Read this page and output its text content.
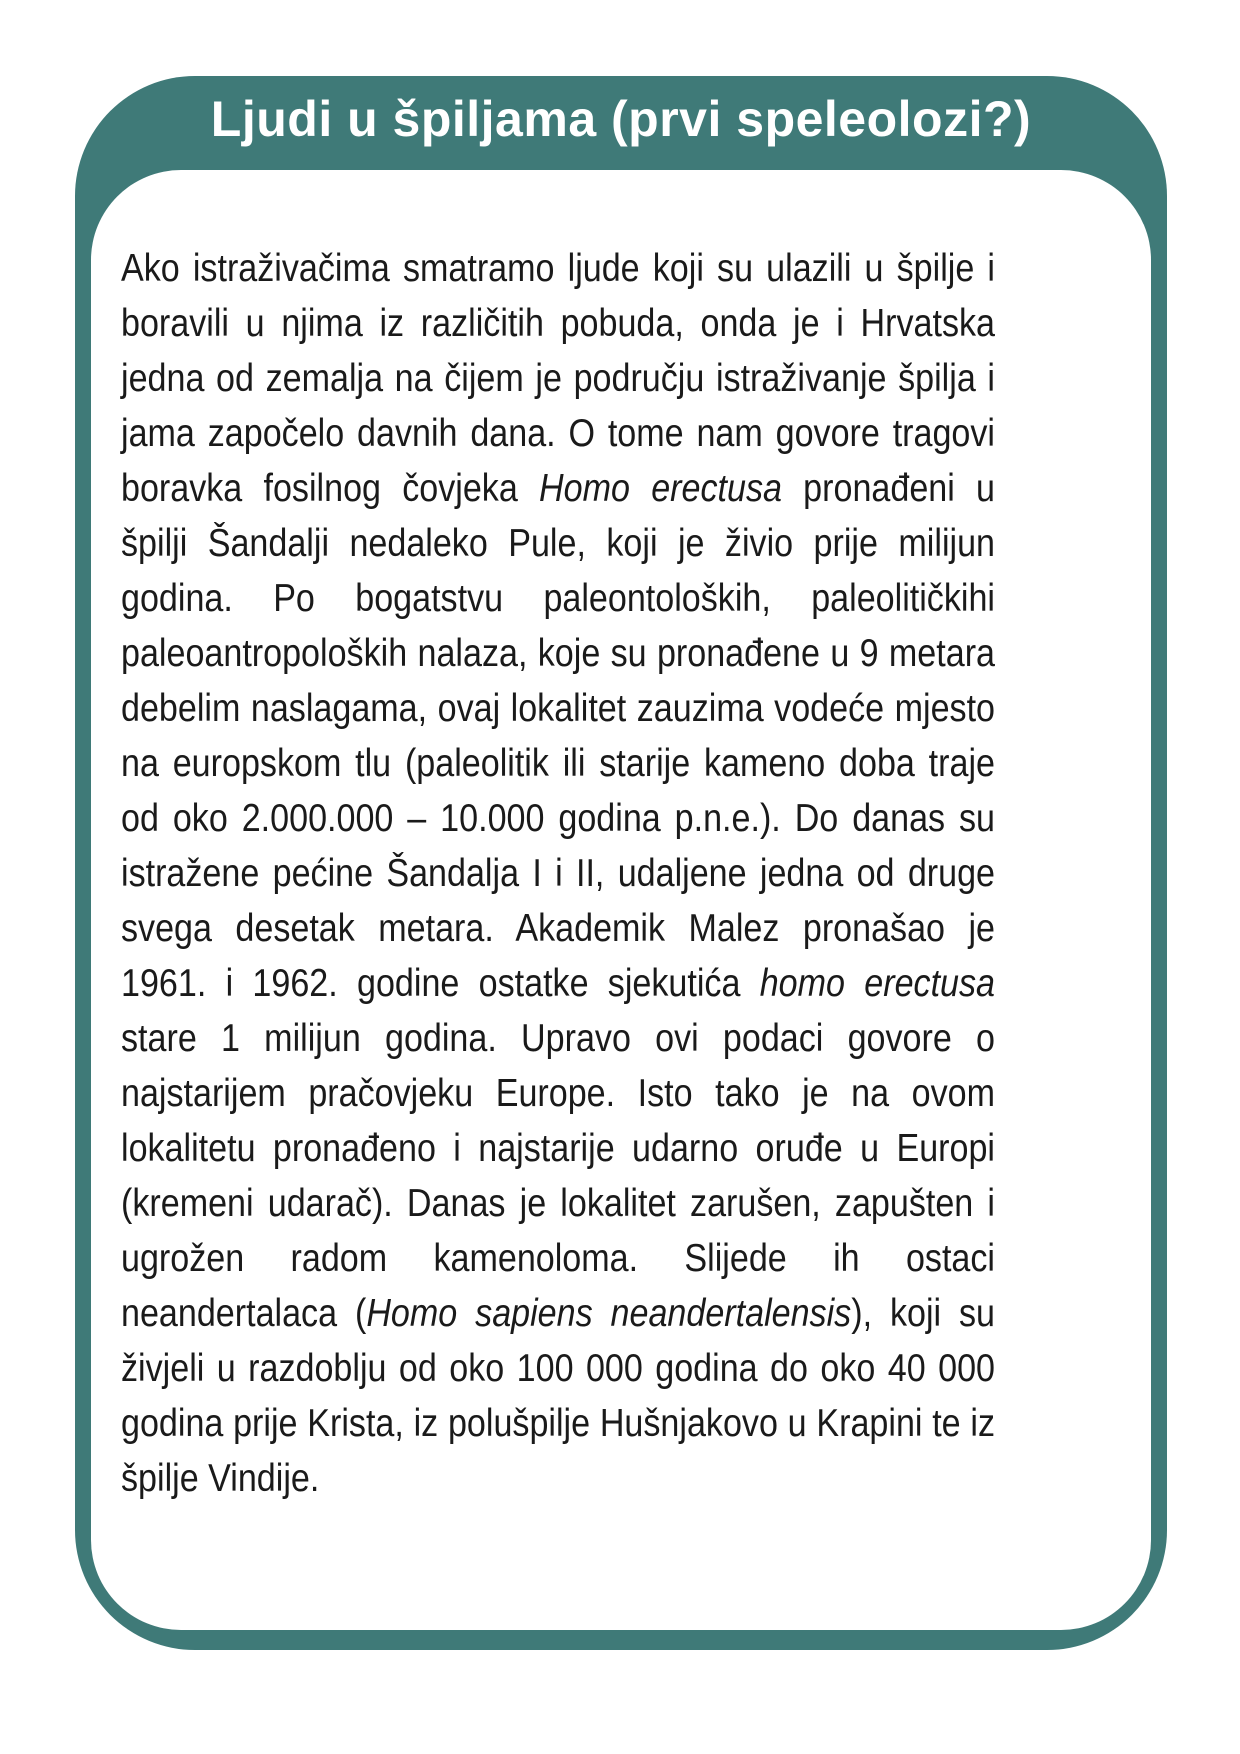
Ljudi u špiljama (prvi speleolozi?)

Ako istraživačima smatramo ljude koji su ulazili u špilje i boravili u njima iz različitih pobuda, onda je i Hrvatska jedna od zemalja na čijem je području istraživanje špilja i jama započelo davnih dana. O tome nam govore tragovi boravka fosilnog čovjeka Homo erectusa pronađeni u špilji Šandalji nedaleko Pule, koji je živio prije milijun godina. Po bogatstvu paleontoloških, paleolitičkihi paleoantropoloških nalaza, koje su pronađene u 9 metara debelim naslagama, ovaj lokalitet zauzima vodeće mjesto na europskom tlu (paleolitik ili starije kameno doba traje od oko 2.000.000 – 10.000 godina p.n.e.). Do danas su istražene pećine Šandalja I i II, udaljene jedna od druge svega desetak metara. Akademik Malez pronašao je 1961. i 1962. godine ostatke sjekutića homo erectusa stare 1 milijun godina. Upravo ovi podaci govore o najstarijem pračovjeku Europe. Isto tako je na ovom lokalitetu pronađeno i najstarije udarno oruđe u Europi (kremeni udarač). Danas je lokalitet zarušen, zapušten i ugrožen radom kamenoloma. Slijede ih ostaci neandertalaca (Homo sapiens neandertalensis), koji su živjeli u razdoblju od oko 100 000 godina do oko 40 000 godina prije Krista, iz polušpilje Hušnjakovo u Krapini te iz špilje Vindije.
